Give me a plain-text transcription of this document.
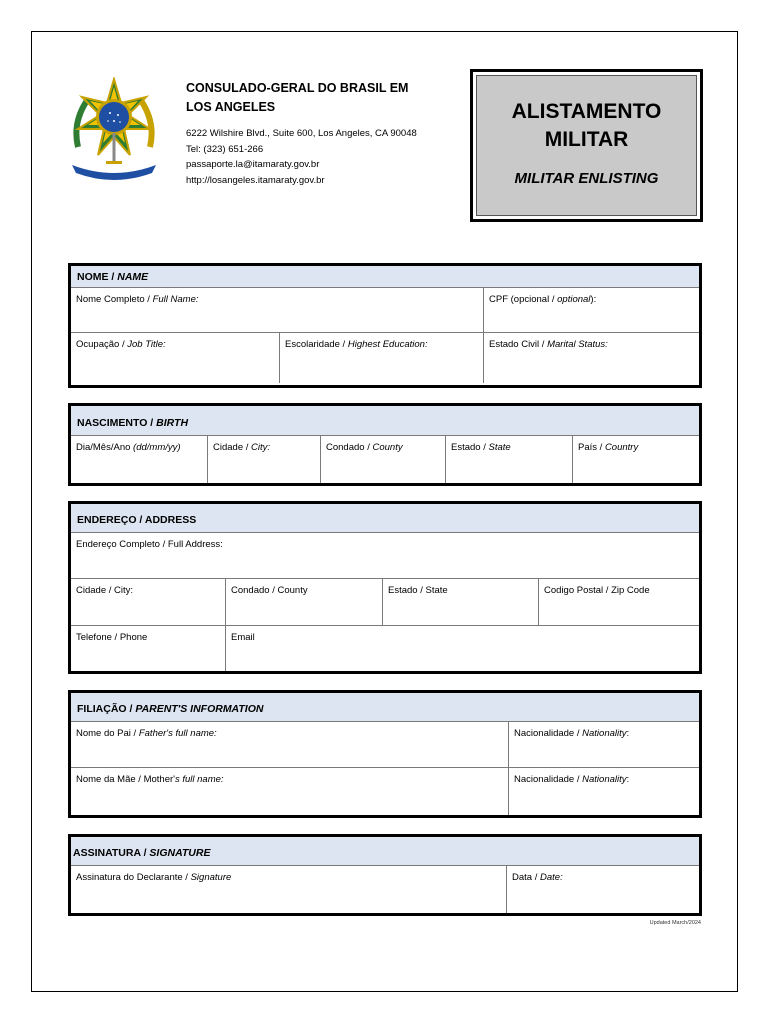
CONSULADO-GERAL DO BRASIL EM
LOS ANGELES

6222 Wilshire Blvd., Suite 600, Los Angeles, CA 90048
Tel: (323) 651-266
passaporte.la@itamaraty.gov.br
http://losangeles.itamaraty.gov.br

ALISTAMENTO
MILITAR

MILITAR ENLISTING
NOME / NAME
Nome Completo / Full Name:	CPF (opcional / optional):
Ocupação / Job Title:	Escolaridade / Highest Education:	Estado Civil / Marital Status:
NASCIMENTO / BIRTH
Dia/Mês/Ano (dd/mm/yy)	Cidade / City:	Condado / County	Estado / State	País / Country
ENDEREÇO / ADDRESS
Endereço Completo / Full Address:
Cidade / City:	Condado / County	Estado / State	Codigo Postal / Zip Code
Telefone / Phone	Email
FILIAÇÃO / PARENT'S INFORMATION
Nome do Pai / Father's full name:	Nacionalidade / Nationality:
Nome da Mãe / Mother's full name:	Nacionalidade / Nationality:
ASSINATURA / SIGNATURE
Assinatura do Declarante / Signature	Data / Date:
Updated March/2024
